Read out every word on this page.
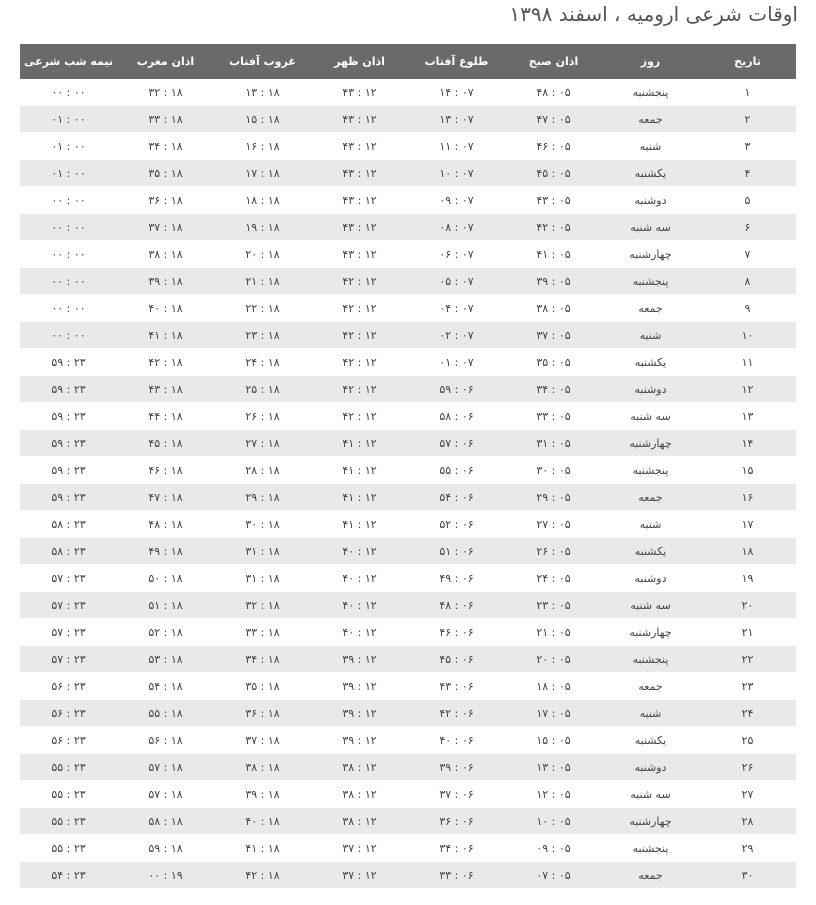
اوقات شرعی ارومیه ، اسفند ۱۳۹۸
تاریخ	روز	اذان صبح	طلوع آفتاب	اذان ظهر	غروب آفتاب	اذان مغرب	نیمه شب شرعی
۱	پنجشنبه	۰۵ : ۴۸	۰۷ : ۱۴	۱۲ : ۴۳	۱۸ : ۱۳	۱۸ : ۳۲	۰۰ : ۰۰
۲	جمعه	۰۵ : ۴۷	۰۷ : ۱۳	۱۲ : ۴۳	۱۸ : ۱۵	۱۸ : ۳۳	۰۰ : ۰۱
۳	شنبه	۰۵ : ۴۶	۰۷ : ۱۱	۱۲ : ۴۳	۱۸ : ۱۶	۱۸ : ۳۴	۰۰ : ۰۱
۴	یکشنبه	۰۵ : ۴۵	۰۷ : ۱۰	۱۲ : ۴۳	۱۸ : ۱۷	۱۸ : ۳۵	۰۰ : ۰۱
۵	دوشنبه	۰۵ : ۴۳	۰۷ : ۰۹	۱۲ : ۴۳	۱۸ : ۱۸	۱۸ : ۳۶	۰۰ : ۰۰
۶	سه شنبه	۰۵ : ۴۲	۰۷ : ۰۸	۱۲ : ۴۳	۱۸ : ۱۹	۱۸ : ۳۷	۰۰ : ۰۰
۷	چهارشنبه	۰۵ : ۴۱	۰۷ : ۰۶	۱۲ : ۴۳	۱۸ : ۲۰	۱۸ : ۳۸	۰۰ : ۰۰
۸	پنجشنبه	۰۵ : ۳۹	۰۷ : ۰۵	۱۲ : ۴۲	۱۸ : ۲۱	۱۸ : ۳۹	۰۰ : ۰۰
۹	جمعه	۰۵ : ۳۸	۰۷ : ۰۴	۱۲ : ۴۲	۱۸ : ۲۲	۱۸ : ۴۰	۰۰ : ۰۰
۱۰	شنبه	۰۵ : ۳۷	۰۷ : ۰۲	۱۲ : ۴۲	۱۸ : ۲۳	۱۸ : ۴۱	۰۰ : ۰۰
۱۱	یکشنبه	۰۵ : ۳۵	۰۷ : ۰۱	۱۲ : ۴۲	۱۸ : ۲۴	۱۸ : ۴۲	۲۳ : ۵۹
۱۲	دوشنبه	۰۵ : ۳۴	۰۶ : ۵۹	۱۲ : ۴۲	۱۸ : ۲۵	۱۸ : ۴۳	۲۳ : ۵۹
۱۳	سه شنبه	۰۵ : ۳۳	۰۶ : ۵۸	۱۲ : ۴۲	۱۸ : ۲۶	۱۸ : ۴۴	۲۳ : ۵۹
۱۴	چهارشنبه	۰۵ : ۳۱	۰۶ : ۵۷	۱۲ : ۴۱	۱۸ : ۲۷	۱۸ : ۴۵	۲۳ : ۵۹
۱۵	پنجشنبه	۰۵ : ۳۰	۰۶ : ۵۵	۱۲ : ۴۱	۱۸ : ۲۸	۱۸ : ۴۶	۲۳ : ۵۹
۱۶	جمعه	۰۵ : ۲۹	۰۶ : ۵۴	۱۲ : ۴۱	۱۸ : ۲۹	۱۸ : ۴۷	۲۳ : ۵۹
۱۷	شنبه	۰۵ : ۲۷	۰۶ : ۵۲	۱۲ : ۴۱	۱۸ : ۳۰	۱۸ : ۴۸	۲۳ : ۵۸
۱۸	یکشنبه	۰۵ : ۲۶	۰۶ : ۵۱	۱۲ : ۴۰	۱۸ : ۳۱	۱۸ : ۴۹	۲۳ : ۵۸
۱۹	دوشنبه	۰۵ : ۲۴	۰۶ : ۴۹	۱۲ : ۴۰	۱۸ : ۳۱	۱۸ : ۵۰	۲۳ : ۵۷
۲۰	سه شنبه	۰۵ : ۲۳	۰۶ : ۴۸	۱۲ : ۴۰	۱۸ : ۳۲	۱۸ : ۵۱	۲۳ : ۵۷
۲۱	چهارشنبه	۰۵ : ۲۱	۰۶ : ۴۶	۱۲ : ۴۰	۱۸ : ۳۳	۱۸ : ۵۲	۲۳ : ۵۷
۲۲	پنجشنبه	۰۵ : ۲۰	۰۶ : ۴۵	۱۲ : ۳۹	۱۸ : ۳۴	۱۸ : ۵۳	۲۳ : ۵۷
۲۳	جمعه	۰۵ : ۱۸	۰۶ : ۴۳	۱۲ : ۳۹	۱۸ : ۳۵	۱۸ : ۵۴	۲۳ : ۵۶
۲۴	شنبه	۰۵ : ۱۷	۰۶ : ۴۲	۱۲ : ۳۹	۱۸ : ۳۶	۱۸ : ۵۵	۲۳ : ۵۶
۲۵	یکشنبه	۰۵ : ۱۵	۰۶ : ۴۰	۱۲ : ۳۹	۱۸ : ۳۷	۱۸ : ۵۶	۲۳ : ۵۶
۲۶	دوشنبه	۰۵ : ۱۳	۰۶ : ۳۹	۱۲ : ۳۸	۱۸ : ۳۸	۱۸ : ۵۷	۲۳ : ۵۵
۲۷	سه شنبه	۰۵ : ۱۲	۰۶ : ۳۷	۱۲ : ۳۸	۱۸ : ۳۹	۱۸ : ۵۷	۲۳ : ۵۵
۲۸	چهارشنبه	۰۵ : ۱۰	۰۶ : ۳۶	۱۲ : ۳۸	۱۸ : ۴۰	۱۸ : ۵۸	۲۳ : ۵۵
۲۹	پنجشنبه	۰۵ : ۰۹	۰۶ : ۳۴	۱۲ : ۳۷	۱۸ : ۴۱	۱۸ : ۵۹	۲۳ : ۵۵
۳۰	جمعه	۰۵ : ۰۷	۰۶ : ۳۳	۱۲ : ۳۷	۱۸ : ۴۲	۱۹ : ۰۰	۲۳ : ۵۴
